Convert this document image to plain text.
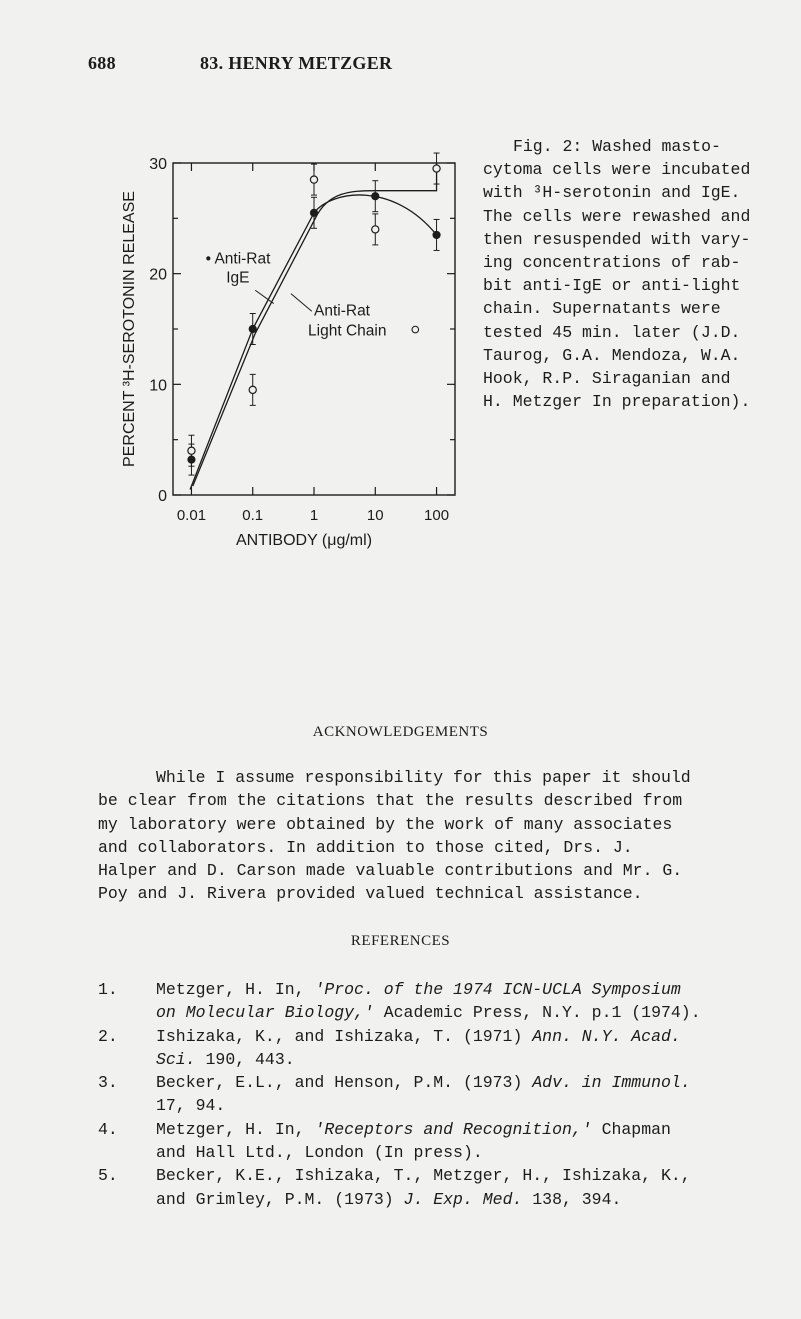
688	83. HENRY METZGER
0
10
20
30
0.01 0.1	1	10	100
ANTIBODY (μg/ml)
PERCENT ³H-SEROTONIN RELEASE	• Anti-Rat
IgE
Anti-Rat
Light Chain

Fig. 2: Washed masto-

cytoma cells were incubated

with ³H-serotonin and IgE.

The cells were rewashed and

then resuspended with vary-

ing concentrations of rab-

bit anti-IgE or anti-light

chain. Supernatants were

tested 45 min. later (J.D.

Taurog, G.A. Mendoza, W.A.

Hook, R.P. Siraganian and

H. Metzger In preparation).

ACKNOWLEDGEMENTS

While I assume responsibility for this paper it should

be clear from the citations that the results described from

my laboratory were obtained by the work of many associates

and collaborators. In addition to those cited, Drs. J.

Halper and D. Carson made valuable contributions and Mr. G.

Poy and J. Rivera provided valued technical assistance.

REFERENCES
1.	Metzger, H. In, 'Proc. of the 1974 ICN-UCLA Symposium
on Molecular Biology,' Academic Press, N.Y. p.1 (1974).
2.	Ishizaka, K., and Ishizaka, T. (1971) Ann. N.Y. Acad.
Sci. 190, 443.
3.	Becker, E.L., and Henson, P.M. (1973) Adv. in Immunol.
17, 94.
4.	Metzger, H. In, 'Receptors and Recognition,' Chapman
and Hall Ltd., London (In press).
5.	Becker, K.E., Ishizaka, T., Metzger, H., Ishizaka, K.,
and Grimley, P.M. (1973) J. Exp. Med. 138, 394.
